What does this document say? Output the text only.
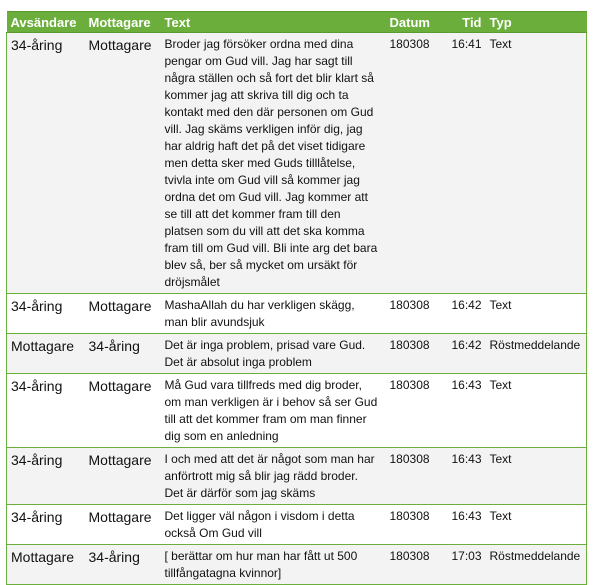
Avsändare	Mottagare	Text	Datum	Tid	Typ
34-åring	Mottagare	Broder jag försöker ordna med dina pengar om Gud vill. Jag har sagt till några ställen och så fort det blir klart så kommer jag att skriva till dig och ta kontakt med den där personen om Gud vill. Jag skäms verkligen inför dig, jag har aldrig haft det på det viset tidigare men detta sker med Guds tilllåtelse, tvivla inte om Gud vill så kommer jag ordna det om Gud vill. Jag kommer att se till att det kommer fram till den platsen som du vill att det ska komma fram till om Gud vill. Bli inte arg det bara blev så, ber så mycket om ursäkt för dröjsmålet	180308	16:41	Text
34-åring	Mottagare	MashaAllah du har verkligen skägg, man blir avundsjuk	180308	16:42	Text
Mottagare	34-åring	Det är inga problem, prisad vare Gud. Det är absolut inga problem	180308	16:42	Röstmeddelande
34-åring	Mottagare	Må Gud vara tillfreds med dig broder, om man verkligen är i behov så ser Gud till att det kommer fram om man finner dig som en anledning	180308	16:43	Text
34-åring	Mottagare	I och med att det är något som man har anförtrott mig så blir jag rädd broder. Det är därför som jag skäms	180308	16:43	Text
34-åring	Mottagare	Det ligger väl någon i visdom i detta också Om Gud vill	180308	16:43	Text
Mottagare	34-åring	[ berättar om hur man har fått ut 500 tillfångatagna kvinnor]	180308	17:03	Röstmeddelande
